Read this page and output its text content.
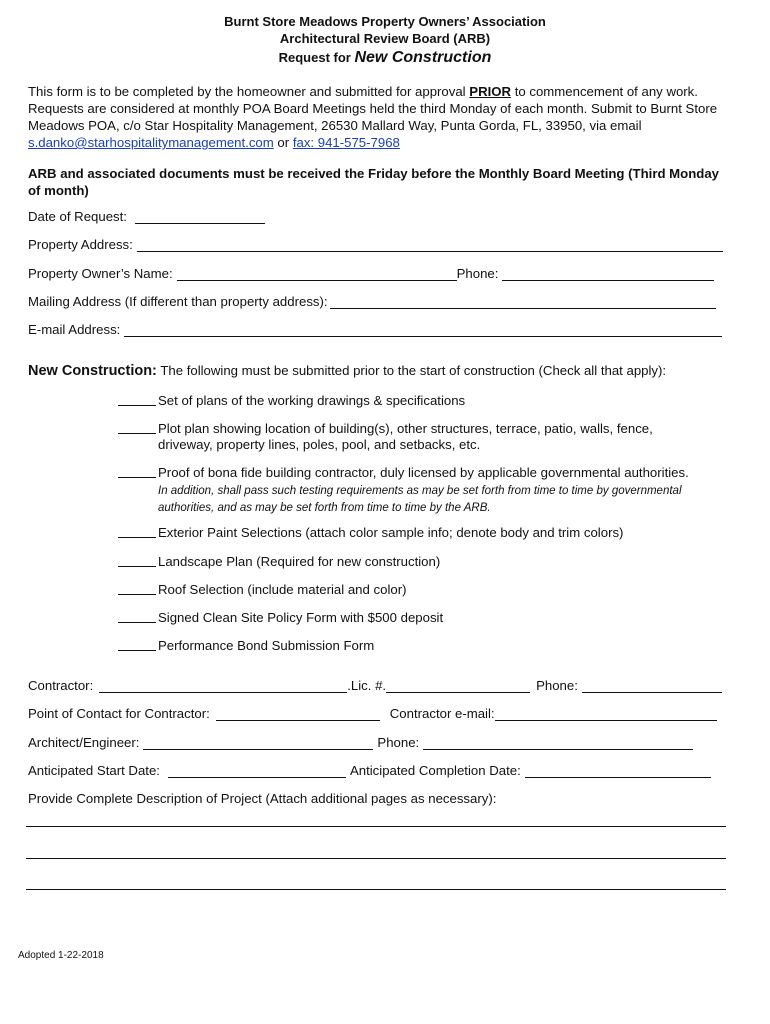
Burnt Store Meadows Property Owners’ Association
Architectural Review Board (ARB)
Request for New Construction
This form is to be completed by the homeowner and submitted for approval PRIOR to commencement of any work. Requests are considered at monthly POA Board Meetings held the third Monday of each month. Submit to Burnt Store Meadows POA, c/o Star Hospitality Management, 26530 Mallard Way, Punta Gorda, FL, 33950, via email s.danko@starhospitalitymanagement.com or fax: 941-575-7968
ARB and associated documents must be received the Friday before the Monthly Board Meeting (Third Monday of month)
Date of Request:
Property Address:
Property Owner’s Name:	Phone:
Mailing Address (If different than property address):
E-mail Address:
New Construction: The following must be submitted prior to the start of construction (Check all that apply):
Set of plans of the working drawings & specifications
Plot plan showing location of building(s), other structures, terrace, patio, walls, fence, driveway, property lines, poles, pool, and setbacks, etc.
Proof of bona fide building contractor, duly licensed by applicable governmental authorities. In addition, shall pass such testing requirements as may be set forth from time to time by governmental authorities, and as may be set forth from time to time by the ARB.
Exterior Paint Selections (attach color sample info; denote body and trim colors)
Landscape Plan (Required for new construction)
Roof Selection (include material and color)
Signed Clean Site Policy Form with $500 deposit
Performance Bond Submission Form
Contractor:	.Lic. #.	Phone:
Point of Contact for Contractor:	Contractor e-mail:
Architect/Engineer:	Phone:
Anticipated Start Date:	Anticipated Completion Date:
Provide Complete Description of Project (Attach additional pages as necessary):
Adopted 1-22-2018
